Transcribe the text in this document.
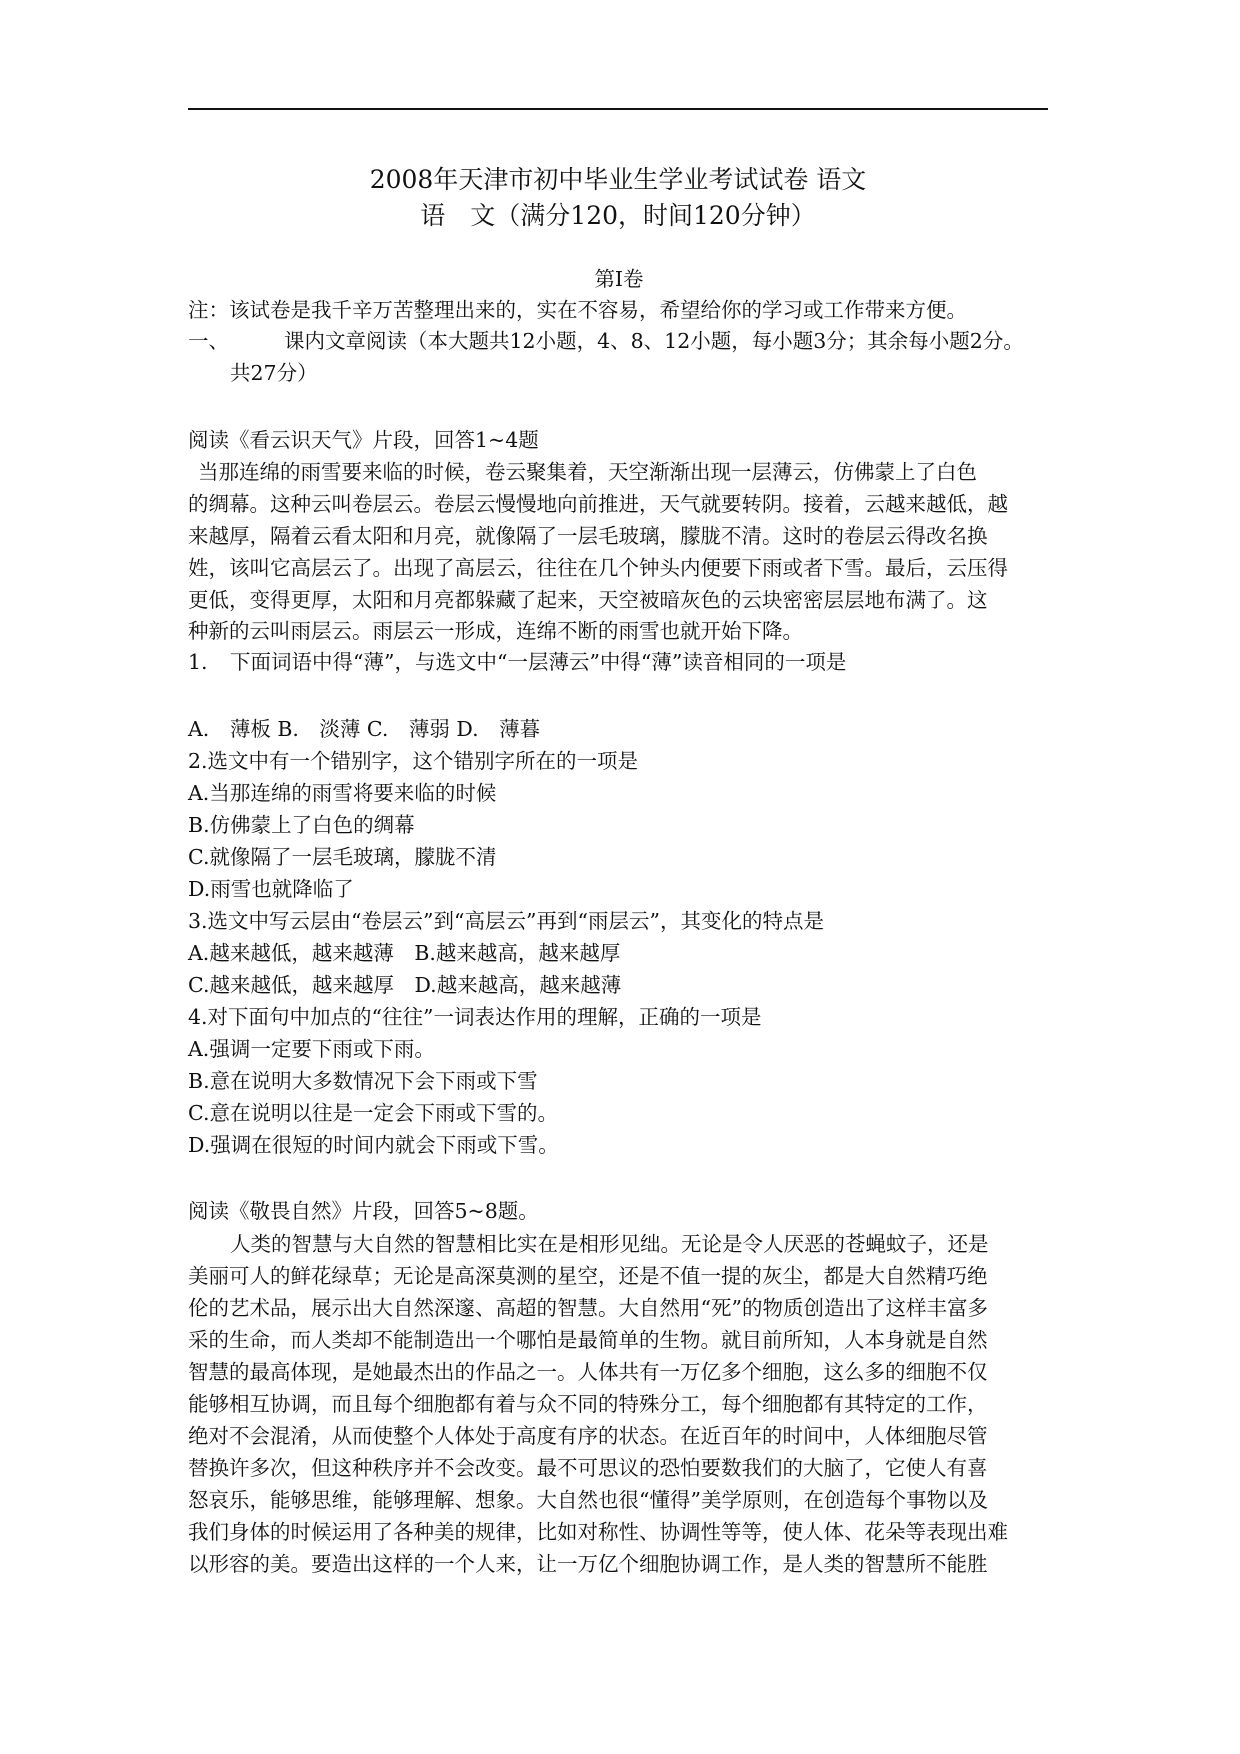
2008年天津市初中毕业生学业考试试卷 语文
语　文（满分120，时间120分钟）
第Ⅰ卷
注：该试卷是我千辛万苦整理出来的，实在不容易，希望给你的学习或工作带来方便。
一、	课内文章阅读（本大题共12小题，4、8、12小题，每小题3分；其余每小题2分。
共27分）
阅读《看云识天气》片段，回答1~4题
当那连绵的雨雪要来临的时候，卷云聚集着，天空渐渐出现一层薄云，仿佛蒙上了白色
的绸幕。这种云叫卷层云。卷层云慢慢地向前推进，天气就要转阴。接着，云越来越低，越
来越厚，隔着云看太阳和月亮，就像隔了一层毛玻璃，朦胧不清。这时的卷层云得改名换
姓，该叫它高层云了。出现了高层云，往往在几个钟头内便要下雨或者下雪。最后，云压得
更低，变得更厚，太阳和月亮都躲藏了起来，天空被暗灰色的云块密密层层地布满了。这
种新的云叫雨层云。雨层云一形成，连绵不断的雨雪也就开始下降。
1. 下面词语中得“薄”，与选文中“一层薄云”中得“薄”读音相同的一项是
A.　薄板 B.　淡薄 C.　薄弱 D.　薄暮
2.选文中有一个错别字，这个错别字所在的一项是
A.当那连绵的雨雪将要来临的时候
B.仿佛蒙上了白色的绸幕
C.就像隔了一层毛玻璃，朦胧不清
D.雨雪也就降临了
3.选文中写云层由“卷层云”到“高层云”再到“雨层云”，其变化的特点是
A.越来越低，越来越薄　B.越来越高，越来越厚
C.越来越低，越来越厚　D.越来越高，越来越薄
4.对下面句中加点的“往往”一词表达作用的理解，正确的一项是
A.强调一定要下雨或下雨。
B.意在说明大多数情况下会下雨或下雪
C.意在说明以往是一定会下雨或下雪的。
D.强调在很短的时间内就会下雨或下雪。
阅读《敬畏自然》片段，回答5~8题。
人类的智慧与大自然的智慧相比实在是相形见绌。无论是令人厌恶的苍蝇蚊子，还是
美丽可人的鲜花绿草；无论是高深莫测的星空，还是不值一提的灰尘，都是大自然精巧绝
伦的艺术品，展示出大自然深邃、高超的智慧。大自然用“死”的物质创造出了这样丰富多
采的生命，而人类却不能制造出一个哪怕是最简单的生物。就目前所知，人本身就是自然
智慧的最高体现，是她最杰出的作品之一。人体共有一万亿多个细胞，这么多的细胞不仅
能够相互协调，而且每个细胞都有着与众不同的特殊分工，每个细胞都有其特定的工作，
绝对不会混淆，从而使整个人体处于高度有序的状态。在近百年的时间中，人体细胞尽管
替换许多次，但这种秩序并不会改变。最不可思议的恐怕要数我们的大脑了，它使人有喜
怒哀乐，能够思维，能够理解、想象。大自然也很“懂得”美学原则，在创造每个事物以及
我们身体的时候运用了各种美的规律，比如对称性、协调性等等，使人体、花朵等表现出难
以形容的美。要造出这样的一个人来，让一万亿个细胞协调工作，是人类的智慧所不能胜
